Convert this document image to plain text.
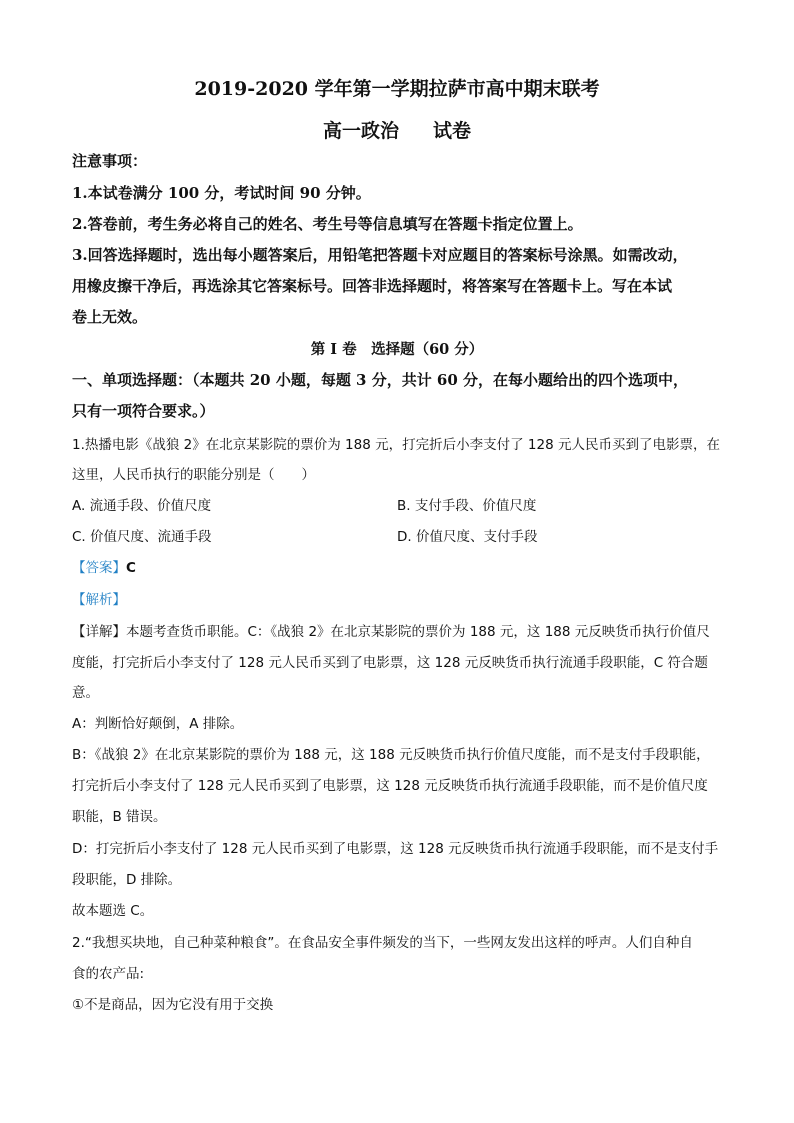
2019-2020 学年第一学期拉萨市高中期末联考
高一政治 试卷
注意事项：
1.本试卷满分 100 分，考试时间 90 分钟。
2.答卷前，考生务必将自己的姓名、考生号等信息填写在答题卡指定位置上。
3.回答选择题时，选出每小题答案后，用铅笔把答题卡对应题目的答案标号涂黑。如需改动，
用橡皮擦干净后，再选涂其它答案标号。回答非选择题时，将答案写在答题卡上。写在本试
卷上无效。
第 I 卷　选择题（60 分）
一、单项选择题：（本题共 20 小题，每题 3 分，共计 60 分，在每小题给出的四个选项中，
只有一项符合要求。）
1.热播电影《战狼 2》在北京某影院的票价为 188 元，打完折后小李支付了 128 元人民币买到了电影票，在
这里，人民币执行的职能分别是（　　）
A. 流通手段、价值尺度	B. 支付手段、价值尺度
C. 价值尺度、流通手段	D. 价值尺度、支付手段
【答案】C
【解析】
【详解】本题考查货币职能。C：《战狼 2》在北京某影院的票价为 188 元，这 188 元反映货币执行价值尺
度能，打完折后小李支付了 128 元人民币买到了电影票，这 128 元反映货币执行流通手段职能，C 符合题
意。
A：判断恰好颠倒，A 排除。
B：《战狼 2》在北京某影院的票价为 188 元，这 188 元反映货币执行价值尺度能，而不是支付手段职能，
打完折后小李支付了 128 元人民币买到了电影票，这 128 元反映货币执行流通手段职能，而不是价值尺度
职能，B 错误。
D：打完折后小李支付了 128 元人民币买到了电影票，这 128 元反映货币执行流通手段职能，而不是支付手
段职能，D 排除。
故本题选 C。
2.“我想买块地，自己种菜种粮食”。在食品安全事件频发的当下，一些网友发出这样的呼声。人们自种自
食的农产品:
①不是商品，因为它没有用于交换
